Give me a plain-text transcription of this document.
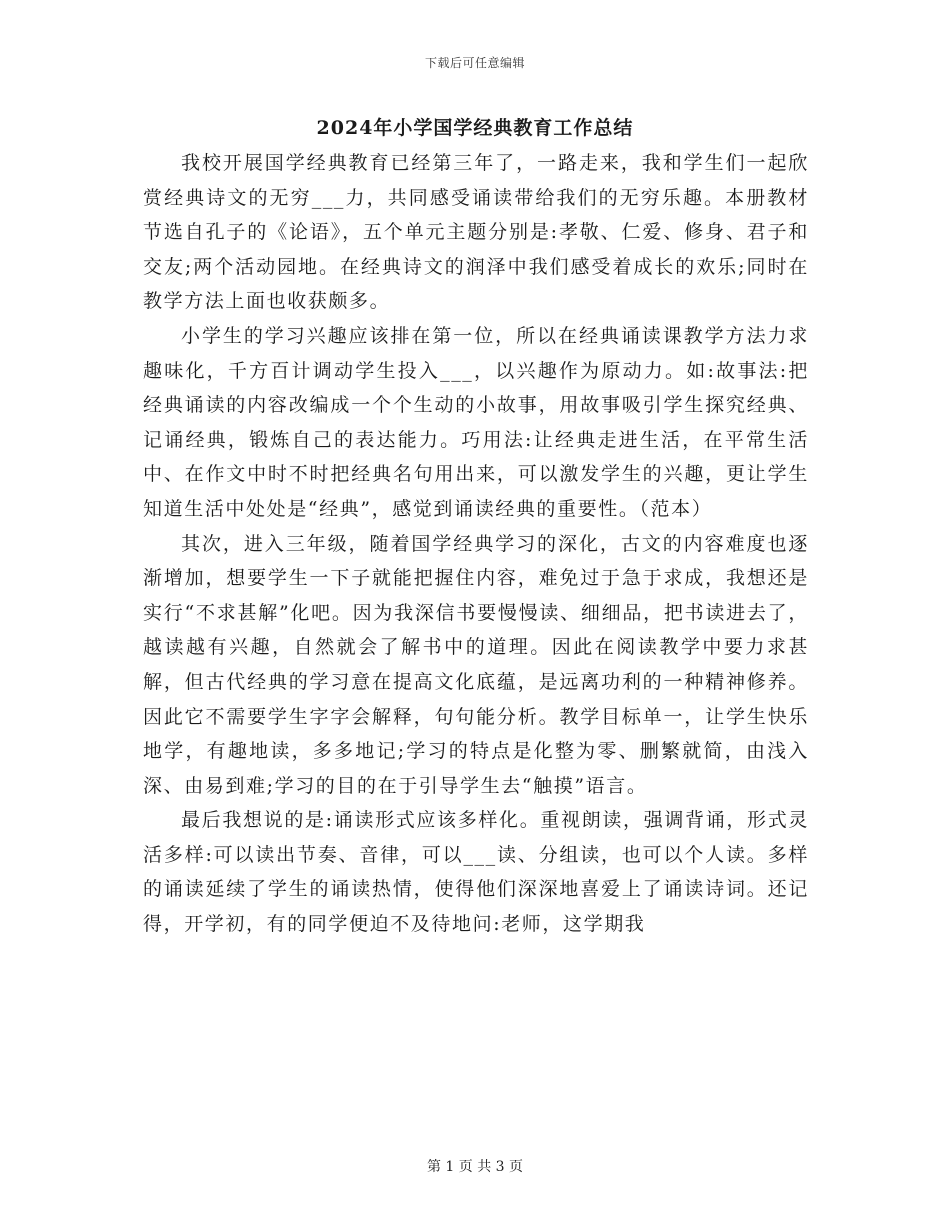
下载后可任意编辑
2024年小学国学经典教育工作总结

我校开展国学经典教育已经第三年了，一路走来，我和学生们一起欣赏经典诗文的无穷___力，共同感受诵读带给我们的无穷乐趣。本册教材节选自孔子的《论语》，五个单元主题分别是:孝敬、仁爱、修身、君子和交友;两个活动园地。在经典诗文的润泽中我们感受着成长的欢乐;同时在教学方法上面也收获颇多。

小学生的学习兴趣应该排在第一位，所以在经典诵读课教学方法力求趣味化，千方百计调动学生投入___，以兴趣作为原动力。如:故事法:把经典诵读的内容改编成一个个生动的小故事，用故事吸引学生探究经典、记诵经典，锻炼自己的表达能力。巧用法:让经典走进生活，在平常生活中、在作文中时不时把经典名句用出来，可以激发学生的兴趣，更让学生知道生活中处处是“经典”，感觉到诵读经典的重要性。（范本）

其次，进入三年级，随着国学经典学习的深化，古文的内容难度也逐渐增加，想要学生一下子就能把握住内容，难免过于急于求成，我想还是实行“不求甚解”化吧。因为我深信书要慢慢读、细细品，把书读进去了，越读越有兴趣，自然就会了解书中的道理。因此在阅读教学中要力求甚解，但古代经典的学习意在提高文化底蕴，是远离功利的一种精神修养。因此它不需要学生字字会解释，句句能分析。教学目标单一，让学生快乐地学，有趣地读，多多地记;学习的特点是化整为零、删繁就简，由浅入深、由易到难;学习的目的在于引导学生去“触摸”语言。

最后我想说的是:诵读形式应该多样化。重视朗读，强调背诵，形式灵活多样:可以读出节奏、音律，可以___读、分组读，也可以个人读。多样的诵读延续了学生的诵读热情，使得他们深深地喜爱上了诵读诗词。还记得，开学初，有的同学便迫不及待地问:老师，这学期我

第 1 页 共 3 页
